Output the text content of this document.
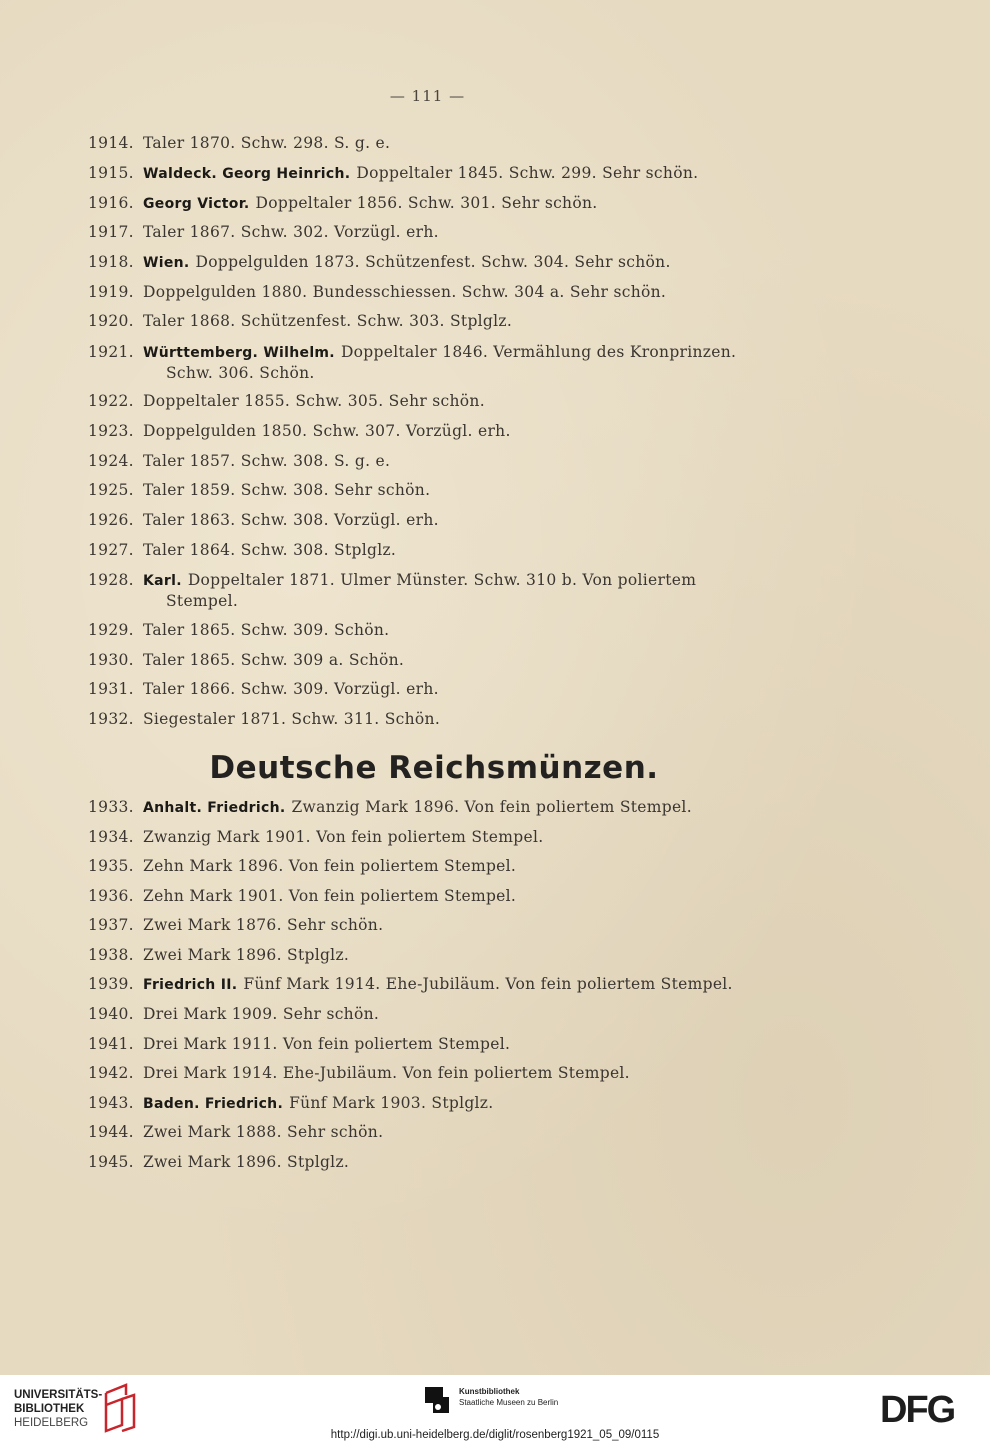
— 111 —
1914. Taler 1870. Schw. 298. S. g. e.
1915. Waldeck. Georg Heinrich. Doppeltaler 1845. Schw. 299. Sehr schön.
1916. Georg Victor. Doppeltaler 1856. Schw. 301. Sehr schön.
1917. Taler 1867. Schw. 302. Vorzügl. erh.
1918. Wien. Doppelgulden 1873. Schützenfest. Schw. 304. Sehr schön.
1919. Doppelgulden 1880. Bundesschiessen. Schw. 304 a. Sehr schön.
1920. Taler 1868. Schützenfest. Schw. 303. Stplglz.
1921. Württemberg. Wilhelm. Doppeltaler 1846. Vermählung des Kronprinzen.
Schw. 306. Schön.
1922. Doppeltaler 1855. Schw. 305. Sehr schön.
1923. Doppelgulden 1850. Schw. 307. Vorzügl. erh.
1924. Taler 1857. Schw. 308. S. g. e.
1925. Taler 1859. Schw. 308. Sehr schön.
1926. Taler 1863. Schw. 308. Vorzügl. erh.
1927. Taler 1864. Schw. 308. Stplglz.
1928. Karl. Doppeltaler 1871. Ulmer Münster. Schw. 310 b. Von poliertem
Stempel.
1929. Taler 1865. Schw. 309. Schön.
1930. Taler 1865. Schw. 309 a. Schön.
1931. Taler 1866. Schw. 309. Vorzügl. erh.
1932. Siegestaler 1871. Schw. 311. Schön.
Deutsche Reichsmünzen.
1933. Anhalt. Friedrich. Zwanzig Mark 1896. Von fein poliertem Stempel.
1934. Zwanzig Mark 1901. Von fein poliertem Stempel.
1935. Zehn Mark 1896. Von fein poliertem Stempel.
1936. Zehn Mark 1901. Von fein poliertem Stempel.
1937. Zwei Mark 1876. Sehr schön.
1938. Zwei Mark 1896. Stplglz.
1939. Friedrich II. Fünf Mark 1914. Ehe-Jubiläum. Von fein poliertem Stempel.
1940. Drei Mark 1909. Sehr schön.
1941. Drei Mark 1911. Von fein poliertem Stempel.
1942. Drei Mark 1914. Ehe-Jubiläum. Von fein poliertem Stempel.
1943. Baden. Friedrich. Fünf Mark 1903. Stplglz.
1944. Zwei Mark 1888. Sehr schön.
1945. Zwei Mark 1896. Stplglz.
UNIVERSITÄTS-
BIBLIOTHEK
HEIDELBERG
Kunstbibliothek
Staatliche Museen zu Berlin	DFG
http://digi.ub.uni-heidelberg.de/diglit/rosenberg1921_05_09/0115
